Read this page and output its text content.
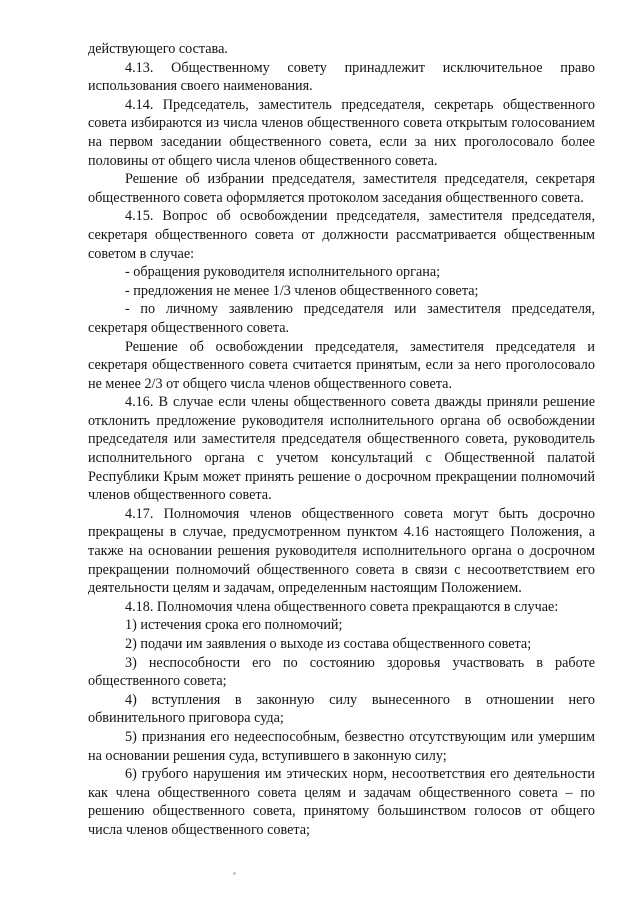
действующего состава.

4.13. Общественному совету принадлежит исключительное право использования своего наименования.

4.14. Председатель, заместитель председателя, секретарь общественного совета избираются из числа членов общественного совета открытым голосованием на первом заседании общественного совета, если за них проголосовало более половины от общего числа членов общественного совета.

Решение об избрании председателя, заместителя председателя, секретаря общественного совета оформляется протоколом заседания общественного совета.

4.15. Вопрос об освобождении председателя, заместителя председателя, секретаря общественного совета от должности рассматривается общественным советом в случае:

- обращения руководителя исполнительного органа;

- предложения не менее 1/3 членов общественного совета;

- по личному заявлению председателя или заместителя председателя, секретаря общественного совета.

Решение об освобождении председателя, заместителя председателя и секретаря общественного совета считается принятым, если за него проголосовало не менее 2/3 от общего числа членов общественного совета.

4.16. В случае если члены общественного совета дважды приняли решение отклонить предложение руководителя исполнительного органа об освобождении председателя или заместителя председателя общественного совета, руководитель исполнительного органа с учетом консультаций с Общественной палатой Республики Крым может принять решение о досрочном прекращении полномочий членов общественного совета.

4.17. Полномочия членов общественного совета могут быть досрочно прекращены в случае, предусмотренном пунктом 4.16 настоящего Положения, а также на основании решения руководителя исполнительного органа о досрочном прекращении полномочий общественного совета в связи с несоответствием его деятельности целям и задачам, определенным настоящим Положением.

4.18. Полномочия члена общественного совета прекращаются в случае:

1) истечения срока его полномочий;

2) подачи им заявления о выходе из состава общественного совета;

3) неспособности его по состоянию здоровья участвовать в работе общественного совета;

4) вступления в законную силу вынесенного в отношении него обвинительного приговора суда;

5) признания его недееспособным, безвестно отсутствующим или умершим на основании решения суда, вступившего в законную силу;

6) грубого нарушения им этических норм, несоответствия его деятельности как члена общественного совета целям и задачам общественного совета – по решению общественного совета, принятому большинством голосов от общего числа членов общественного совета;
